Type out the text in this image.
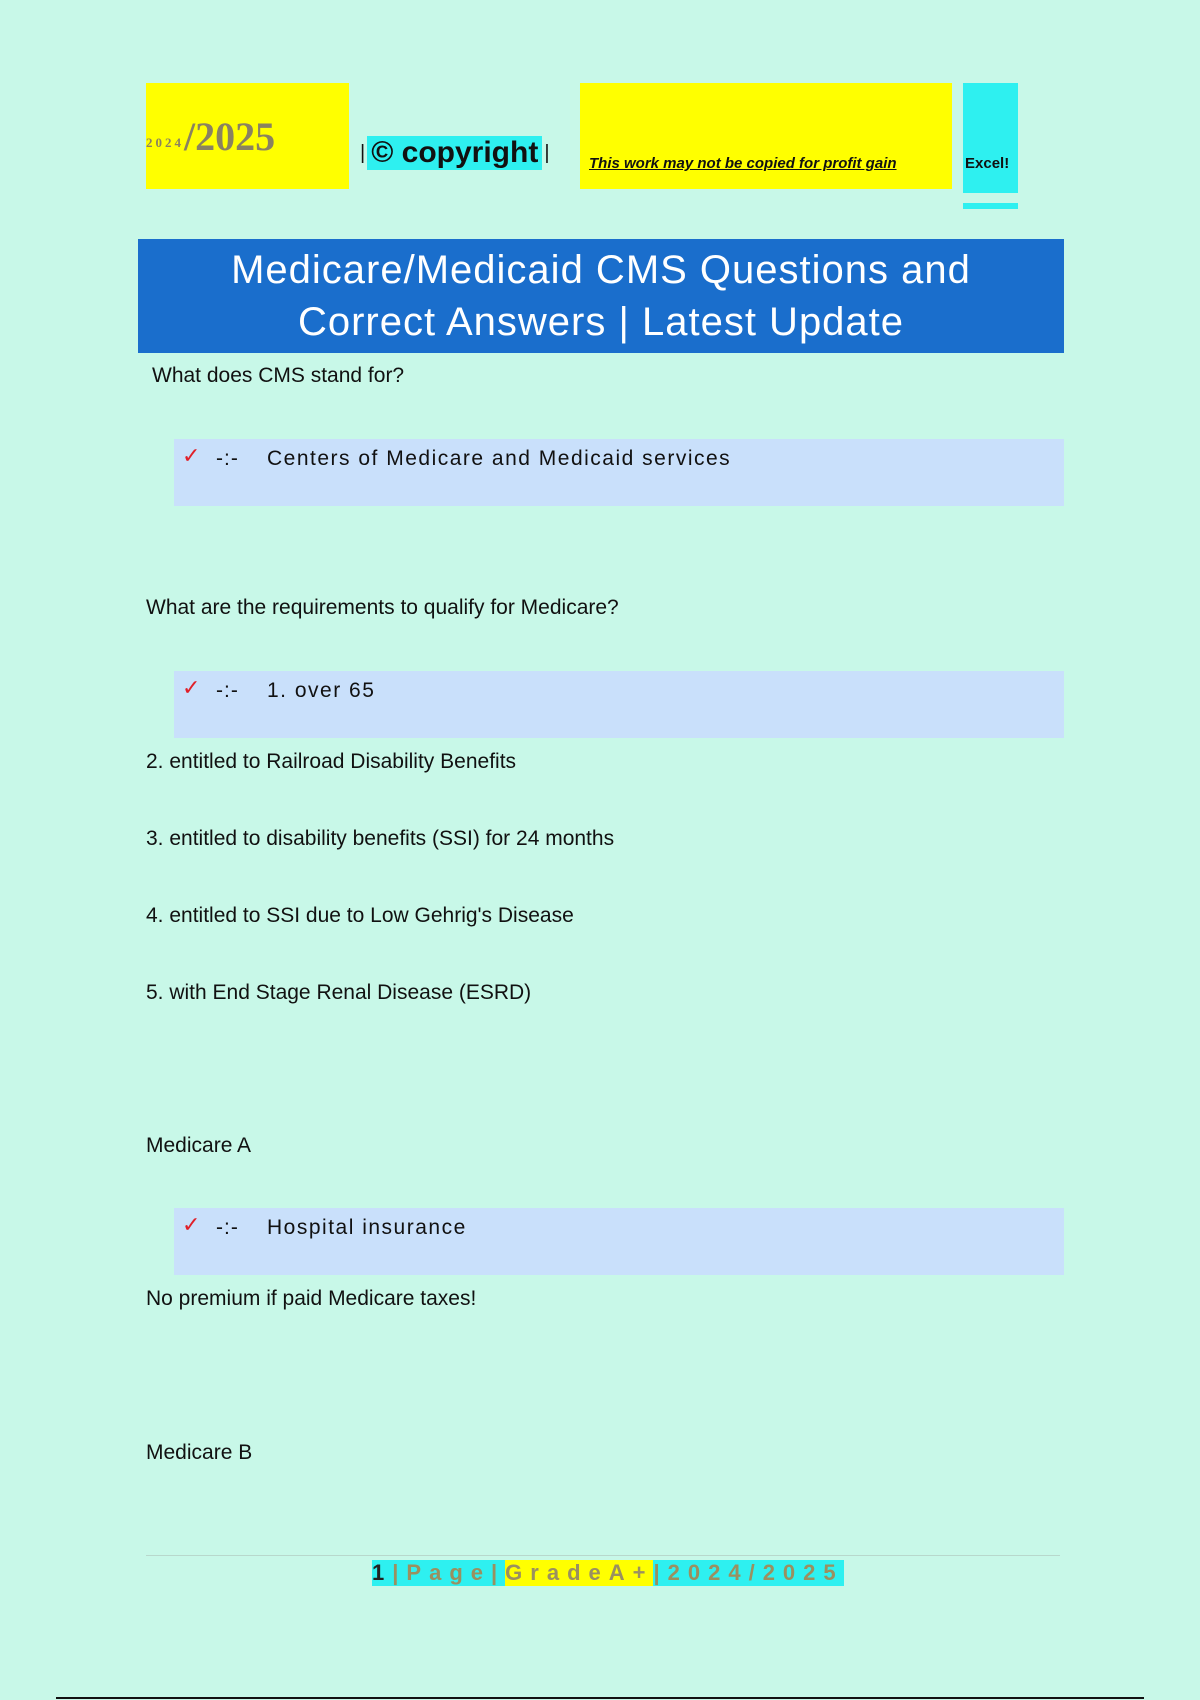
2024 /2025	| © copyright |	This work may not be copied for profit gain	Excel!
Medicare/Medicaid CMS Questions and
Correct Answers | Latest Update
What does CMS stand for?
✓ -:- Centers of Medicare and Medicaid services
What are the requirements to qualify for Medicare?
✓ -:- 1. over 65
2. entitled to Railroad Disability Benefits
3. entitled to disability benefits (SSI) for 24 months
4. entitled to SSI due to Low Gehrig's Disease
5. with End Stage Renal Disease (ESRD)
Medicare A
✓ -:- Hospital insurance
No premium if paid Medicare taxes!
Medicare B
1 |Page| GradeA+ |2024/2025
